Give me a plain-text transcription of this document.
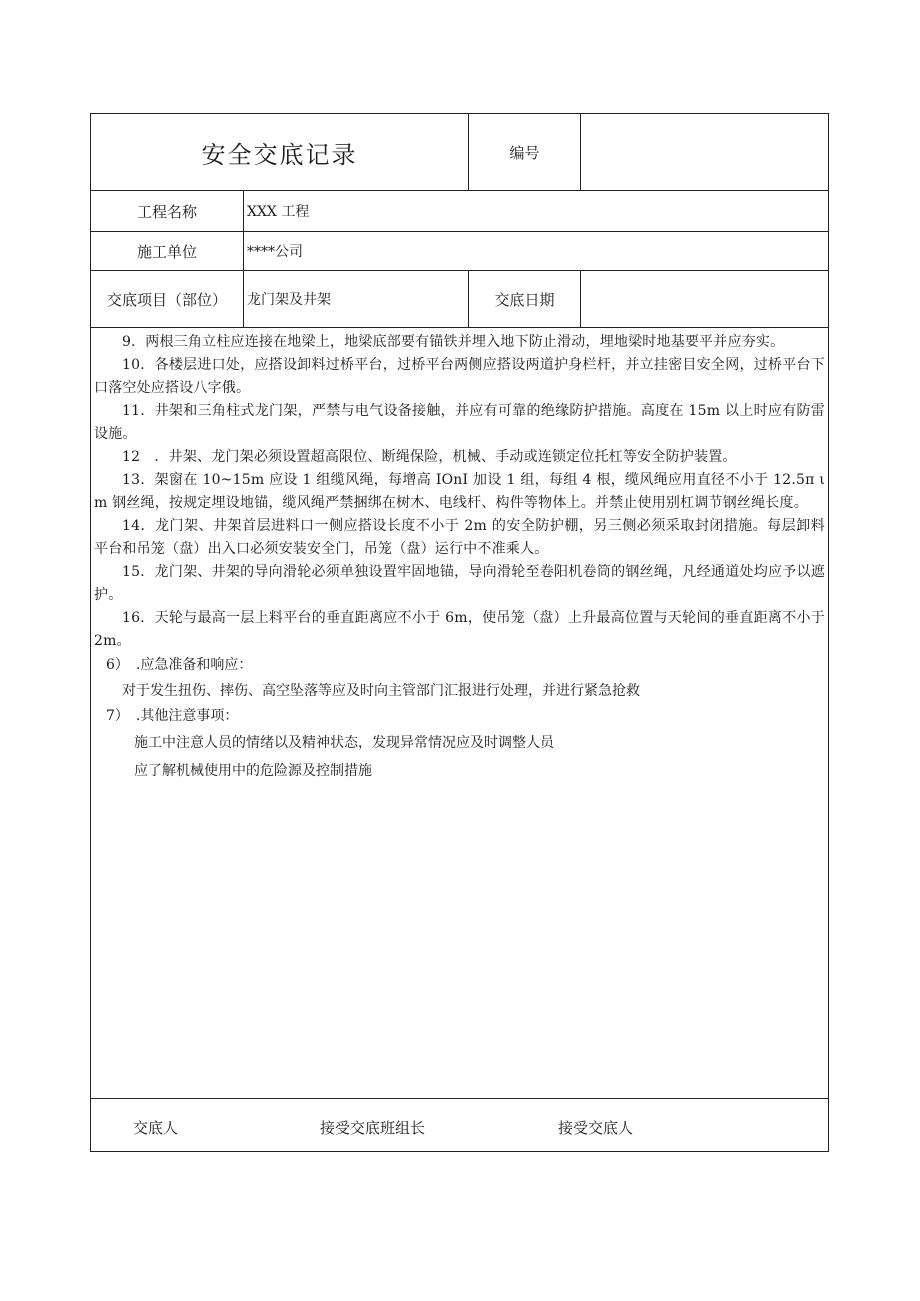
安全交底记录	编号
工程名称	XXX 工程
施工单位	****公司
交底项目（部位）	龙门架及井架	交底日期

9．两根三角立柱应连接在地梁上，地梁底部要有锚铁并埋入地下防止滑动，埋地梁时地基要平并应夯实。

10．各楼层进口处，应搭设卸料过桥平台，过桥平台两侧应搭设两道护身栏杆，并立挂密目安全网，过桥平台下口落空处应搭设八字俄。

11．井架和三角柱式龙门架，严禁与电气设备接触，并应有可靠的绝缘防护措施。高度在 15m 以上时应有防雷设施。

12　．井架、龙门架必须设置超高限位、断绳保险，机械、手动或连锁定位托杠等安全防护装置。

13．架窗在 10~15m 应设 1 组缆风绳，每增高 IOnI 加设 1 组，每组 4 根，缆风绳应用直径不小于 12.5π ι m 钢丝绳，按规定埋设地锚，缆风绳严禁捆绑在树木、电线杆、构件等物体上。并禁止使用别杠调节钢丝绳长度。

14．龙门架、井架首层进料口一侧应搭设长度不小于 2m 的安全防护棚，另三侧必须采取封闭措施。每层卸料平台和吊笼（盘）出入口必须安装安全门，吊笼（盘）运行中不准乘人。

15．龙门架、井架的导向滑轮必须单独设置牢固地锚，导向滑轮至卷阳机卷筒的钢丝绳，凡经通道处均应予以遮护。

16．天轮与最高一层上料平台的垂直距离应不小于 6m，使吊笼（盘）上升最高位置与天轮间的垂直距离不小于 2m。

6）　.应急准备和响应：

对于发生扭伤、摔伤、高空坠落等应及时向主管部门汇报进行处理，并进行紧急抢救

7）　.其他注意事项：

施工中注意人员的情绪以及精神状态，发现异常情况应及时调整人员

应了解机械使用中的危险源及控制措施

交底人	接受交底班组长	接受交底人
